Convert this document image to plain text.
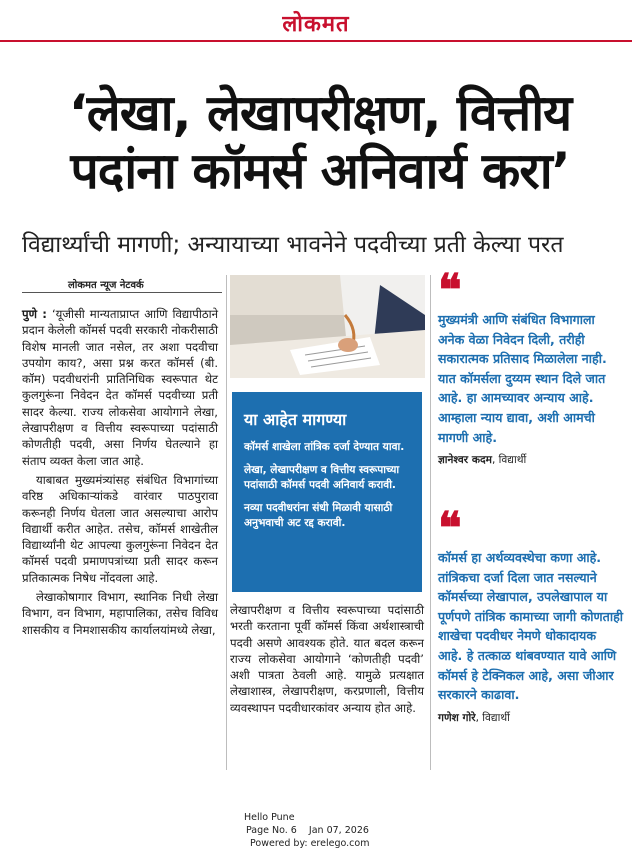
लोकमत
‘लेखा, लेखापरीक्षण, वित्तीय
पदांना कॉमर्स अनिवार्य करा’
विद्यार्थ्यांची मागणी; अन्यायाच्या भावनेने पदवीच्या प्रती केल्या परत
लोकमत न्यूज नेटवर्क

पुणे : ‘यूजीसी मान्यताप्राप्त आणि विद्यापीठाने प्रदान केलेली कॉमर्स पदवी सरकारी नोकरीसाठी विशेष मानली जात नसेल, तर अशा पदवीचा उपयोग काय?, असा प्रश्न करत कॉमर्स (बी. कॉम) पदवीधरांनी प्रातिनिधिक स्वरूपात थेट कुलगुरूंना निवेदन देत कॉमर्स पदवीच्या प्रती सादर केल्या. राज्य लोकसेवा आयोगाने लेखा, लेखापरीक्षण व वित्तीय स्वरूपाच्या पदांसाठी कोणतीही पदवी, असा निर्णय घेतल्याने हा संताप व्यक्त केला जात आहे.

याबाबत मुख्यमंत्र्यांसह संबंधित विभागांच्या वरिष्ठ अधिकाऱ्यांकडे वारंवार पाठपुरावा करूनही निर्णय घेतला जात असल्याचा आरोप विद्यार्थी करीत आहेत. तसेच, कॉमर्स शाखेतील विद्यार्थ्यांनी थेट आपल्या कुलगुरूंना निवेदन देत कॉमर्स पदवी प्रमाणपत्रांच्या प्रती सादर करून प्रतिकात्मक निषेध नोंदवला आहे.

लेखाकोषागार विभाग, स्थानिक निधी लेखा विभाग, वन विभाग, महापालिका, तसेच विविध शासकीय व निमशासकीय कार्यालयांमध्ये लेखा,

या आहेत मागण्या

कॉमर्स शाखेला तांत्रिक दर्जा देण्यात यावा.

लेखा, लेखापरीक्षण व वित्तीय स्वरूपाच्या पदांसाठी कॉमर्स पदवी अनिवार्य करावी.

नव्या पदवीधरांना संधी मिळावी यासाठी अनुभवाची अट रद्द करावी.

लेखापरीक्षण व वित्तीय स्वरूपाच्या पदांसाठी भरती करताना पूर्वी कॉमर्स किंवा अर्थशास्त्राची पदवी असणे आवश्यक होते. यात बदल करून राज्य लोकसेवा आयोगाने ‘कोणतीही पदवी’ अशी पात्रता ठेवली आहे. यामुळे प्रत्यक्षात लेखाशास्त्र, लेखापरीक्षण, करप्रणाली, वित्तीय व्यवस्थापन पदवीधारकांवर अन्याय होत आहे.

❝
मुख्यमंत्री आणि संबंधित विभागाला अनेक वेळा निवेदन दिली, तरीही सकारात्मक प्रतिसाद मिळालेला नाही. यात कॉमर्सला दुय्यम स्थान दिले जात आहे. हा आमच्यावर अन्याय आहे. आम्हाला न्याय द्यावा, अशी आमची मागणी आहे.
ज्ञानेश्वर कदम, विद्यार्थी
❝
कॉमर्स हा अर्थव्यवस्थेचा कणा आहे. तांत्रिकचा दर्जा दिला जात नसल्याने कॉमर्सच्या लेखापाल, उपलेखापाल या पूर्णपणे तांत्रिक कामाच्या जागी कोणताही शाखेचा पदवीधर नेमणे धोकादायक आहे. हे तत्काळ थांबवण्यात यावे आणि कॉमर्स हे टेक्निकल आहे, असा जीआर सरकारने काढावा.
गणेश गोरे, विद्यार्थी
Hello Pune
Page No. 6    Jan 07, 2026
Powered by: erelego.com
